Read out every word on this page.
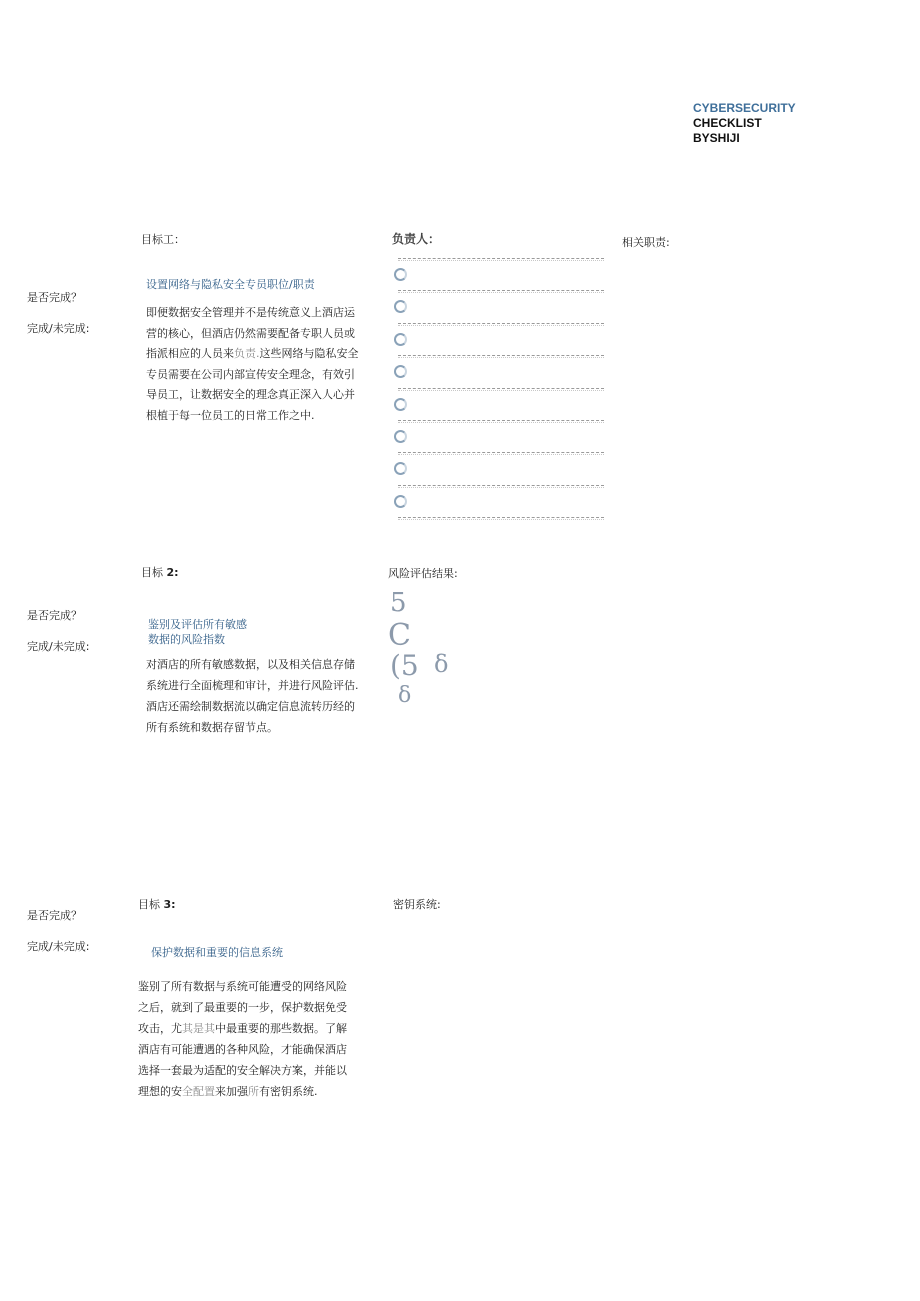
CYBERSECURITY
CHECKLIST
BYSHIJI
目标工：
是否完成？
完成/未完成:
设置网络与隐私安全专员职位/职责
即便数据安全管理并不是传统意义上酒店运营的核心，但酒店仍然需要配备专职人员或指派相应的人员来负责.这些网络与隐私安全专员需要在公司内部宣传安全理念，有效引导员工，让数据安全的理念真正深入人心并根植于每一位员工的日常工作之中.
负责人：	相关职责:
目标 2:
是否完成？
完成/未完成:
鉴别及评估所有敏感
数据的风险指数
对酒店的所有敏感数据，以及相关信息存储系统进行全面梳理和审计，并进行风险评估.酒店还需绘制数据流以确定信息流转历经的所有系统和数据存留节点。
风险评估结果:
5
C
(5 δ
δ
目标 3:
是否完成？
完成/未完成:	保护数据和重要的信息系统
鉴别了所有数据与系统可能遭受的网络风险之后，就到了最重要的一步，保护数据免受攻击，尤其是其中最重要的那些数据。了解酒店有可能遭遇的各种风险，才能确保酒店选择一套最为适配的安全解决方案，并能以理想的安全配置来加强所有密钥系统.
密钥系统:
